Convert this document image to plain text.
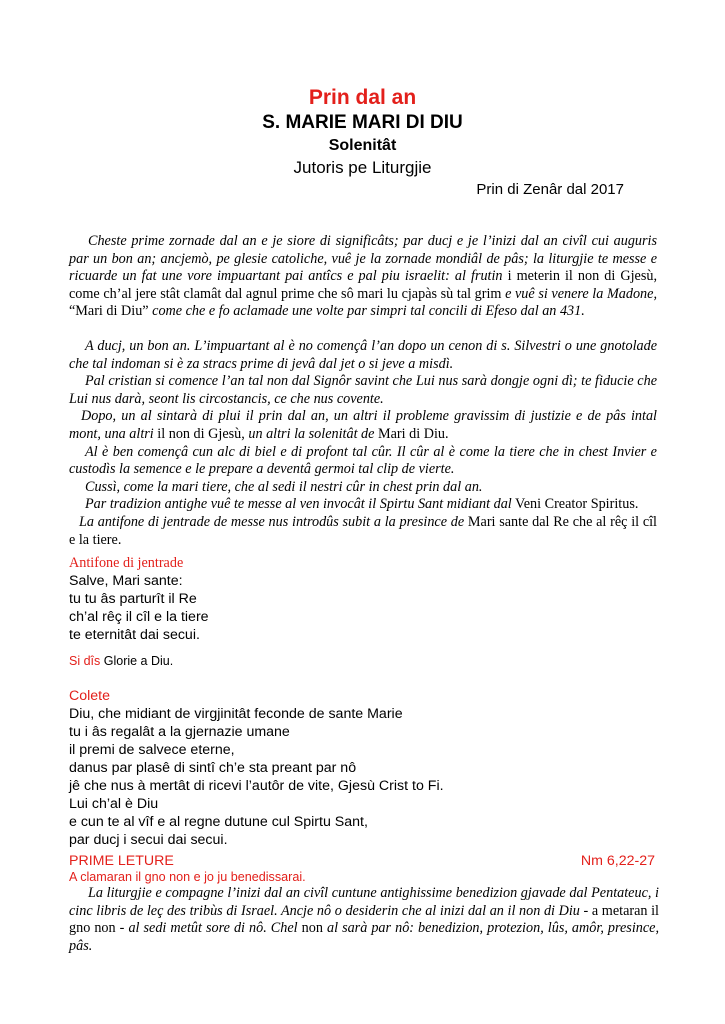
Prin dal an
S. MARIE MARI DI DIU
Solenitât
Jutoris pe Liturgjie
Prin di Zenâr dal 2017

Cheste prime zornade dal an e je siore di significâts; par ducj e je l’inizi dal an civîl cui auguris par un bon an; ancjemò, pe glesie catoliche, vuê je la zornade mondiâl de pâs; la liturgjie te messe e ricuarde un fat une vore impuartant pai antîcs e pal piu israelit: al frutin i meterin il non di Gjesù, come ch’al jere stât clamât dal agnul prime che sô mari lu cjapàs sù tal grim e vuê si venere la Madone, “Mari di Diu” come che e fo aclamade une volte par simpri tal concili di Efeso dal an 431.

A ducj, un bon an. L’impuartant al è no començâ l’an dopo un cenon di s. Silvestri o une gnotolade che tal indoman si è za stracs prime di jevâ dal jet o si jeve a misdì.

Pal cristian si comence l’an tal non dal Signôr savint che Lui nus sarà dongje ogni dì; te fiducie che Lui nus darà, seont lis circostancis, ce che nus covente.

Dopo, un al sintarà di plui il prin dal an, un altri il probleme gravissim di justizie e de pâs intal mont, una altri il non di Gjesù, un altri la solenitât de Mari di Diu.

Al è ben començâ cun alc di biel e di profont tal cûr. Il cûr al è come la tiere che in chest Invier e custodìs la semence e le prepare a deventâ germoi tal clip de vierte.

Cussì, come la mari tiere, che al sedi il nestri cûr in chest prin dal an.

Par tradizion antighe vuê te messe al ven invocât il Spirtu Sant midiant dal Veni Creator Spiritus.

La antifone di jentrade de messe nus introdûs subit a la presince de Mari sante dal Re che al rêç il cîl e la tiere.

Antifone di jentrade
Salve, Mari sante:
tu tu âs parturît il Re
ch’al rêç il cîl e la tiere
te eternitât dai secui.
Si dîs Glorie a Diu.
Colete
Diu, che midiant de virgjinitât feconde de sante Marie
tu i âs regalât a la gjernazie umane
il premi de salvece eterne,
danus par plasê di sintî ch’e sta preant par nô
jê che nus à mertât di ricevi l’autôr de vite, Gjesù Crist to Fi.
Lui ch’al è Diu
e cun te al vîf e al regne dutune cul Spirtu Sant,
par ducj i secui dai secui.
PRIME LETURE	Nm 6,22-27
A clamaran il gno non e jo ju benedissarai.

La liturgjie e compagne l’inizi dal an civîl cuntune antighissime benedizion gjavade dal Pentateuc, i cinc libris de leç des tribùs di Israel. Ancje nô o desiderin che al inizi dal an il non di Diu - a metaran il gno non - al sedi metût sore di nô. Chel non al sarà par nô: benedizion, protezion, lûs, amôr, presince, pâs.
